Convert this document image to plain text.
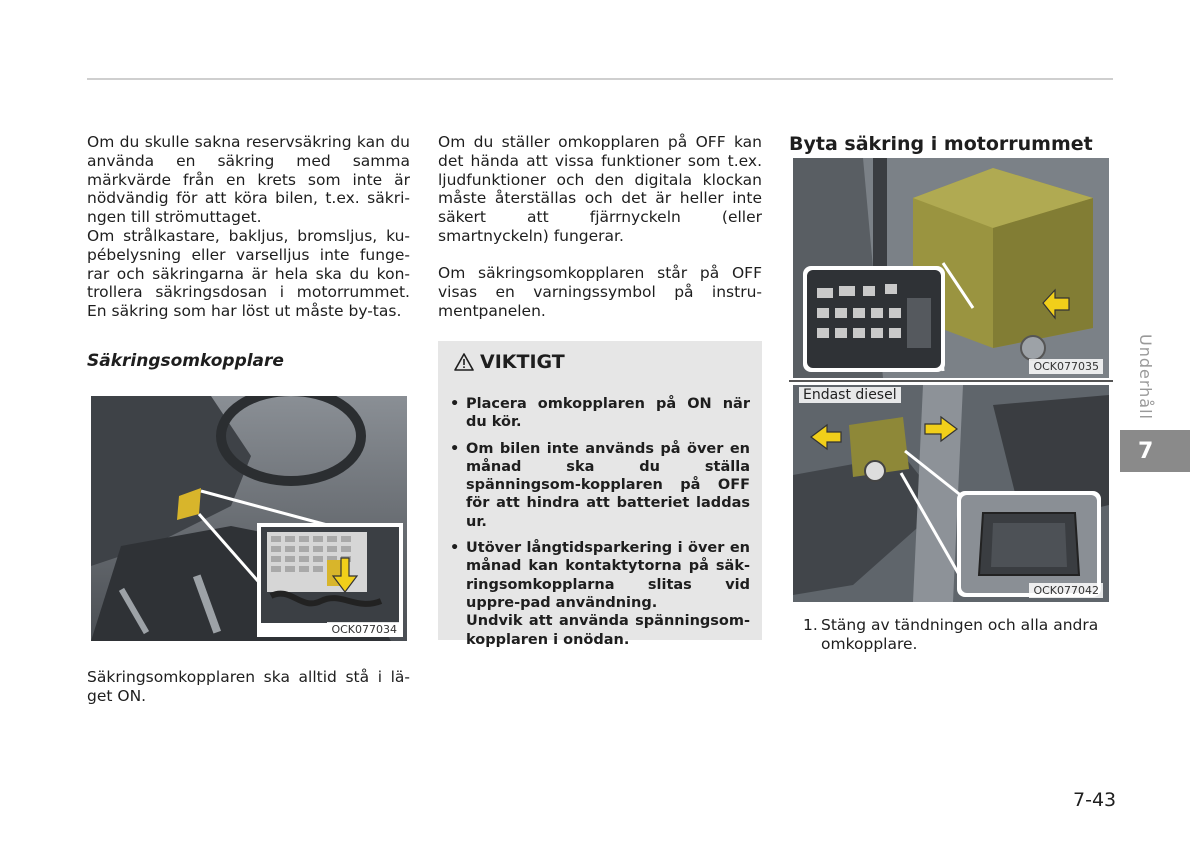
Om du skulle sakna reservsäkring kan du använda en säkring med samma märkvärde från en krets som inte är nödvändig för att köra bilen, t.ex. säkri-ngen till strömuttaget.

Om strålkastare, bakljus, bromsljus, ku-pébelysning eller varselljus inte funge-rar och säkringarna är hela ska du kon-trollera säkringsdosan i motorrummet. En säkring som har löst ut måste by-tas.

Säkringsomkopplare
OCK077034
Säkringsomkopplaren ska alltid stå i lä-get ON.
Om du ställer omkopplaren på OFF kan det hända att vissa funktioner som t.ex. ljudfunktioner och den digitala klockan måste återställas och det är heller inte säkert att fjärrnyckeln (eller smartnyckeln) fungerar.
Om säkringsomkopplaren står på OFF visas en varningssymbol på instru-mentpanelen.
VIKTIGT
• Placera omkopplaren på ON när du kör.
• Om bilen inte används på över en månad ska du ställa spänningsom-kopplaren på OFF för att hindra att batteriet laddas ur.
• Utöver långtidsparkering i över en månad kan kontaktytorna på säk-ringsomkopplarna slitas vid uppre-pad användning.
Undvik att använda spänningsom-kopplaren i onödan.
Byta säkring i motorrummet
OCK077035
Endast diesel
OCK077042
1. Stäng av tändningen och alla andra omkopplare.
Underhåll
7
7-43
